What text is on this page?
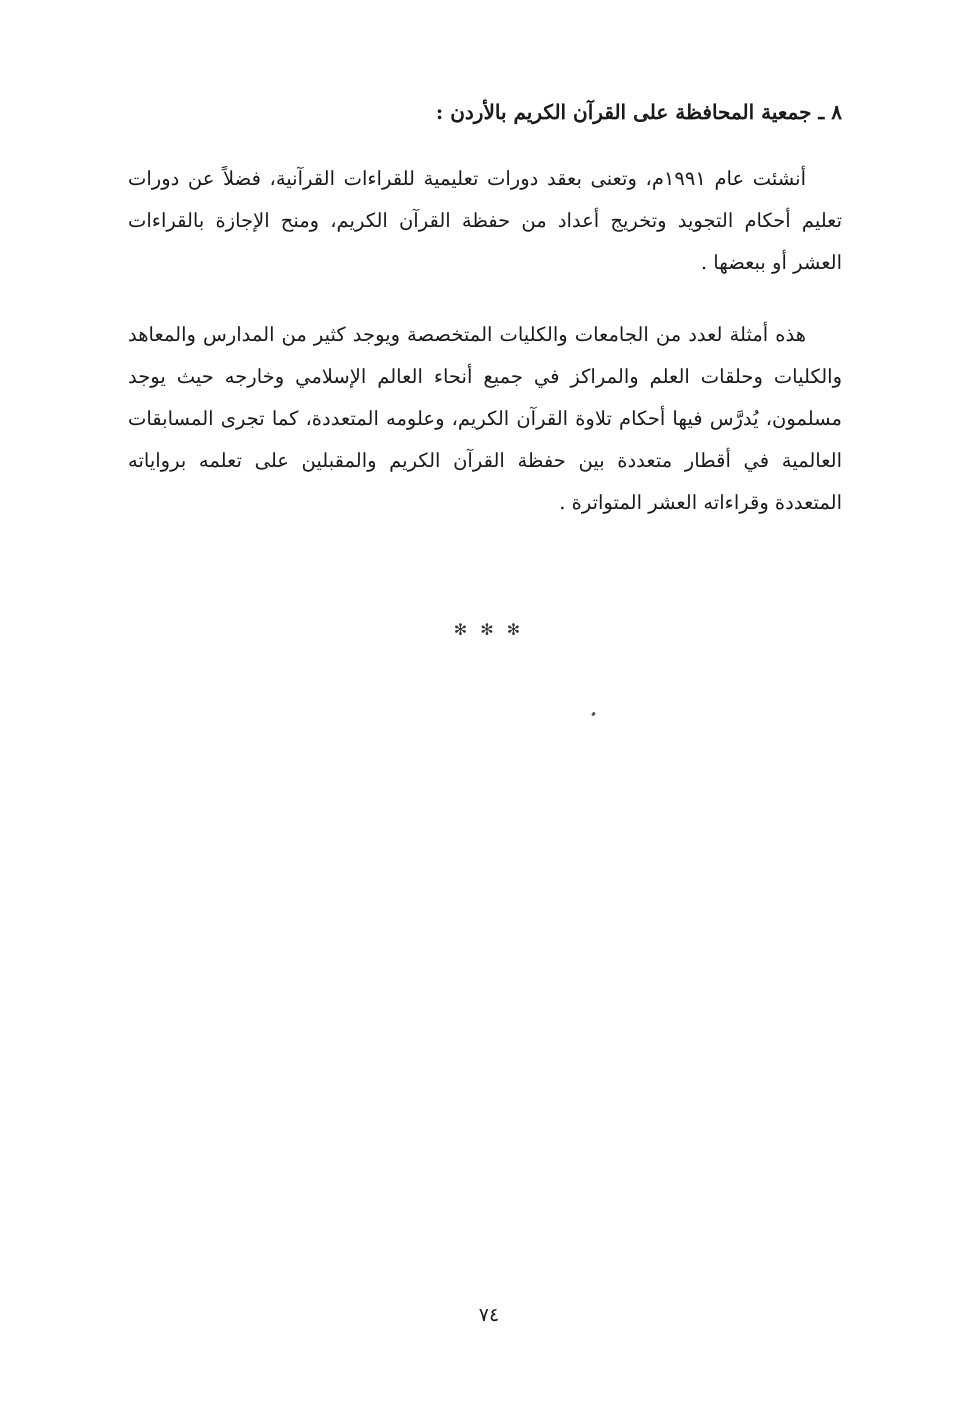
٨ ـ جمعية المحافظة على القرآن الكريم بالأردن :

أنشئت عام ١٩٩١م، وتعنى بعقد دورات تعليمية للقراءات القرآنية، فضلاً عن دورات تعليم أحكام التجويد وتخريج أعداد من حفظة القرآن الكريم، ومنح الإجازة بالقراءات العشر أو ببعضها .

هذه أمثلة لعدد من الجامعات والكليات المتخصصة ويوجد كثير من المدارس والمعاهد والكليات وحلقات العلم والمراكز في جميع أنحاء العالم الإسلامي وخارجه حيث يوجد مسلمون، يُدرَّس فيها أحكام تلاوة القرآن الكريم، وعلومه المتعددة، كما تجرى المسابقات العالمية في أقطار متعددة بين حفظة القرآن الكريم والمقبلين على تعلمه برواياته المتعددة وقراءاته العشر المتواترة .

✻ ✻ ✻
٧٤
